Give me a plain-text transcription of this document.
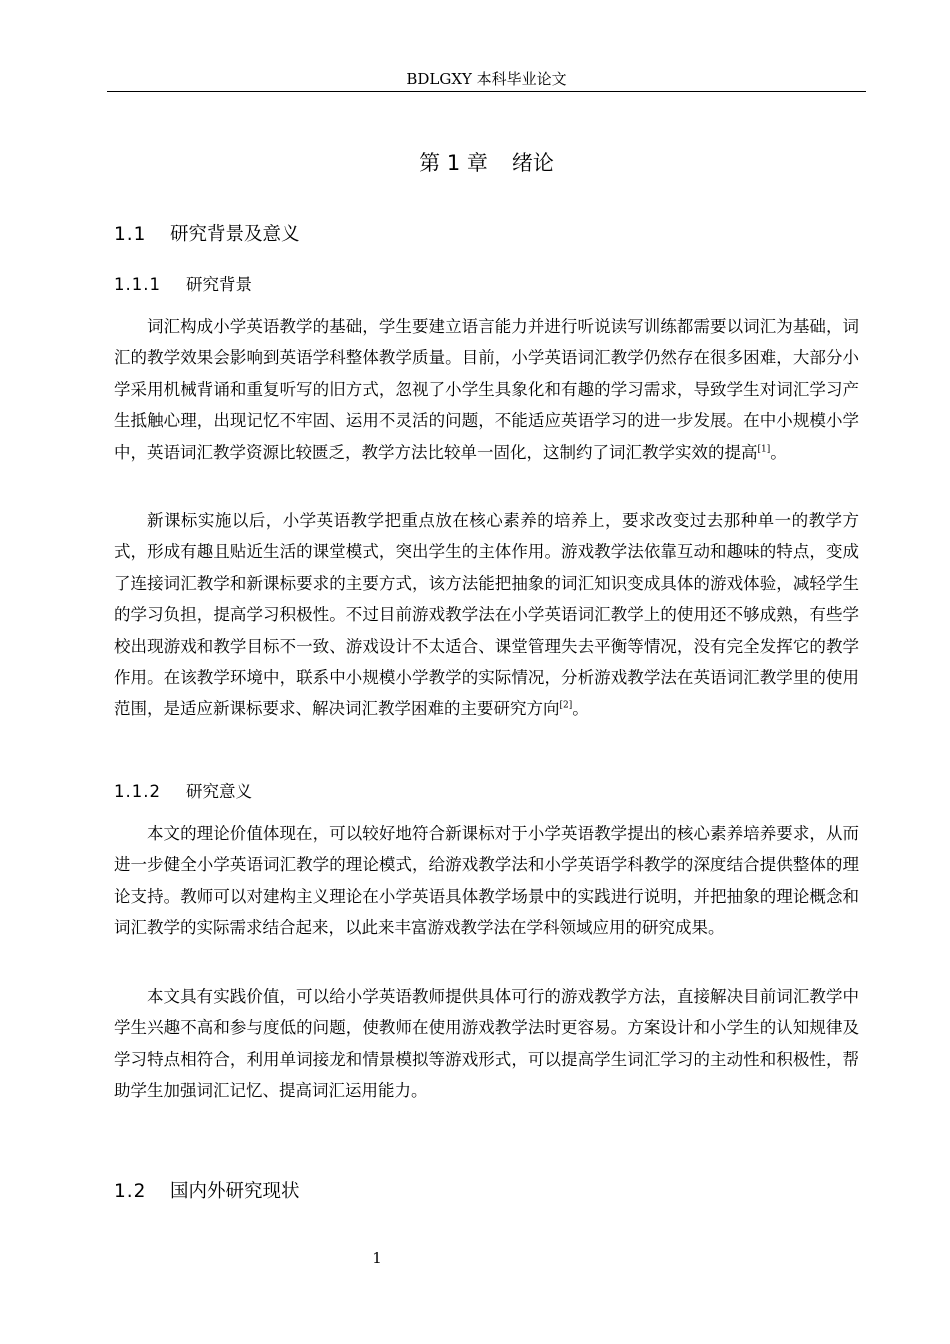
BDLGXY 本科毕业论文
第 1 章 绪论
1.1 研究背景及意义
1.1.1 研究背景

词汇构成小学英语教学的基础，学生要建立语言能力并进行听说读写训练都需要以词汇为基础，词汇的教学效果会影响到英语学科整体教学质量。目前，小学英语词汇教学仍然存在很多困难，大部分小学采用机械背诵和重复听写的旧方式，忽视了小学生具象化和有趣的学习需求，导致学生对词汇学习产生抵触心理，出现记忆不牢固、运用不灵活的问题，不能适应英语学习的进一步发展。在中小规模小学中，英语词汇教学资源比较匮乏，教学方法比较单一固化，这制约了词汇教学实效的提高[1]。

新课标实施以后，小学英语教学把重点放在核心素养的培养上，要求改变过去那种单一的教学方式，形成有趣且贴近生活的课堂模式，突出学生的主体作用。游戏教学法依靠互动和趣味的特点，变成了连接词汇教学和新课标要求的主要方式，该方法能把抽象的词汇知识变成具体的游戏体验，减轻学生的学习负担，提高学习积极性。不过目前游戏教学法在小学英语词汇教学上的使用还不够成熟，有些学校出现游戏和教学目标不一致、游戏设计不太适合、课堂管理失去平衡等情况，没有完全发挥它的教学作用。在该教学环境中，联系中小规模小学教学的实际情况，分析游戏教学法在英语词汇教学里的使用范围，是适应新课标要求、解决词汇教学困难的主要研究方向[2]。

1.1.2 研究意义

本文的理论价值体现在，可以较好地符合新课标对于小学英语教学提出的核心素养培养要求，从而进一步健全小学英语词汇教学的理论模式，给游戏教学法和小学英语学科教学的深度结合提供整体的理论支持。教师可以对建构主义理论在小学英语具体教学场景中的实践进行说明，并把抽象的理论概念和词汇教学的实际需求结合起来，以此来丰富游戏教学法在学科领域应用的研究成果。

本文具有实践价值，可以给小学英语教师提供具体可行的游戏教学方法，直接解决目前词汇教学中学生兴趣不高和参与度低的问题，使教师在使用游戏教学法时更容易。方案设计和小学生的认知规律及学习特点相符合，利用单词接龙和情景模拟等游戏形式，可以提高学生词汇学习的主动性和积极性，帮助学生加强词汇记忆、提高词汇运用能力。

1.2 国内外研究现状
1
